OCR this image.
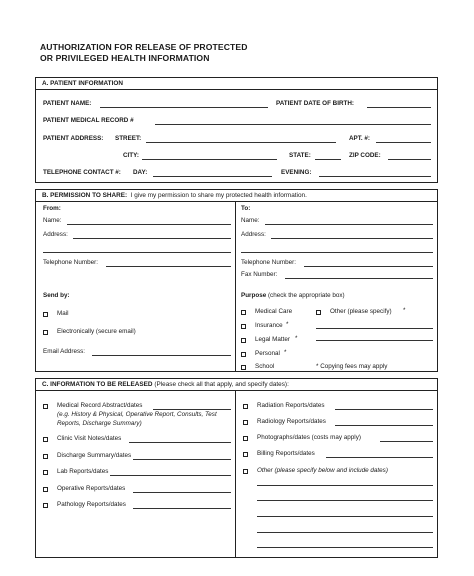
AUTHORIZATION FOR RELEASE OF PROTECTED
OR PRIVILEGED HEALTH INFORMATION
A. PATIENT INFORMATION
PATIENT NAME:	PATIENT DATE OF BIRTH:
PATIENT MEDICAL RECORD #
PATIENT ADDRESS: STREET:	APT. #:
CITY:	STATE:	ZIP CODE:
TELEPHONE CONTACT #: DAY:	EVENING:
B. PERMISSION TO SHARE: I give my permission to share my protected health information.
From:
Name:
Address:
Telephone Number:
Send by:
Mail
Electronically (secure email)
Email Address:
To:
Name:
Address:
Telephone Number:
Fax Number:
Purpose (check the appropriate box)
Medical Care	Other (please specify) *
Insurance *
Legal Matter *
Personal *
School	* Copying fees may apply
C. INFORMATION TO BE RELEASED (Please check all that apply, and specify dates):
Medical Record Abstract/dates
(e.g. History & Physical, Operative Report, Consults, Test
Reports, Discharge Summary)
Clinic Visit Notes/dates
Discharge Summary/dates
Lab Reports/dates
Operative Reports/dates
Pathology Reports/dates
Radiation Reports/dates
Radiology Reports/dates
Photographs/dates (costs may apply)
Billing Reports/dates
Other (please specify below and include dates)
